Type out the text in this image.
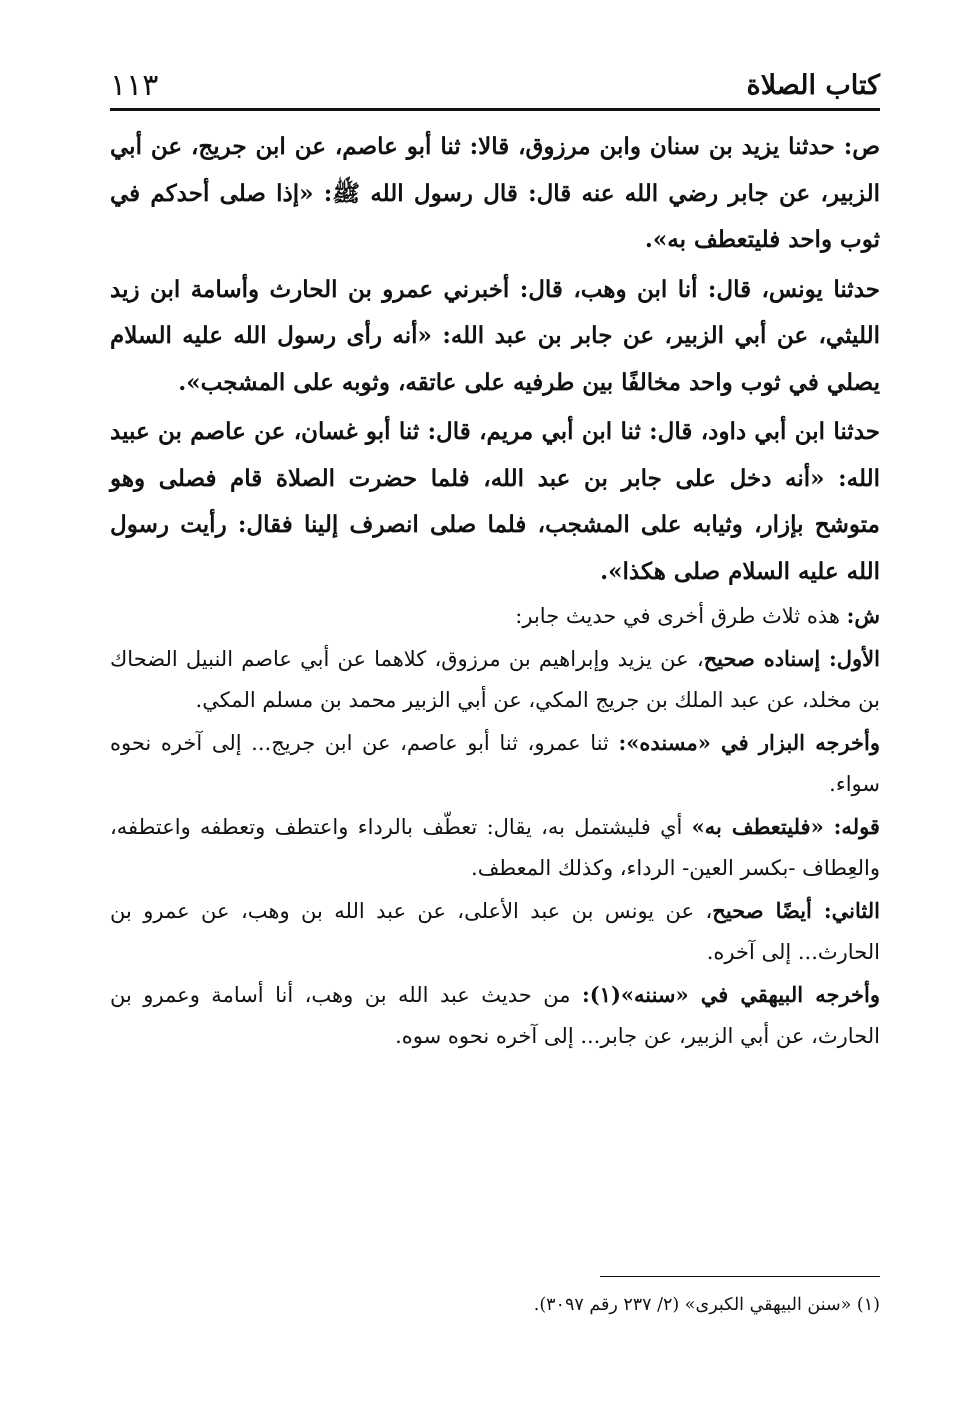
كتاب الصلاة
١١٣

ص: حدثنا يزيد بن سنان وابن مرزوق، قالا: ثنا أبو عاصم، عن ابن جريج، عن أبي الزبير، عن جابر رضي الله عنه قال: قال رسول الله ﷺ: «إذا صلى أحدكم في ثوب واحد فليتعطف به».

حدثنا يونس، قال: أنا ابن وهب، قال: أخبرني عمرو بن الحارث وأسامة ابن زيد الليثي، عن أبي الزبير، عن جابر بن عبد الله: «أنه رأى رسول الله عليه السلام يصلي في ثوب واحد مخالفًا بين طرفيه على عاتقه، وثوبه على المشجب».

حدثنا ابن أبي داود، قال: ثنا ابن أبي مريم، قال: ثنا أبو غسان، عن عاصم بن عبيد الله: «أنه دخل على جابر بن عبد الله، فلما حضرت الصلاة قام فصلى وهو متوشح بإزار، وثيابه على المشجب، فلما صلى انصرف إلينا فقال: رأيت رسول الله عليه السلام صلى هكذا».

ش: هذه ثلاث طرق أخرى في حديث جابر:

الأول: إسناده صحيح، عن يزيد وإبراهيم بن مرزوق، كلاهما عن أبي عاصم النبيل الضحاك بن مخلد، عن عبد الملك بن جريج المكي، عن أبي الزبير محمد بن مسلم المكي.

وأخرجه البزار في «مسنده»: ثنا عمرو، ثنا أبو عاصم، عن ابن جريج... إلى آخره نحوه سواء.

قوله: «فليتعطف به» أي فليشتمل به، يقال: تعطّف بالرداء واعتطف وتعطفه واعتطفه، والعِطاف -بكسر العين- الرداء، وكذلك المعطف.

الثاني: أيضًا صحيح، عن يونس بن عبد الأعلى، عن عبد الله بن وهب، عن عمرو بن الحارث... إلى آخره.

وأخرجه البيهقي في «سننه»(١): من حديث عبد الله بن وهب، أنا أسامة وعمرو بن الحارث، عن أبي الزبير، عن جابر... إلى آخره نحوه سوه.

(١) «سنن البيهقي الكبرى» (٢/ ٢٣٧ رقم ٣٠٩٧).
